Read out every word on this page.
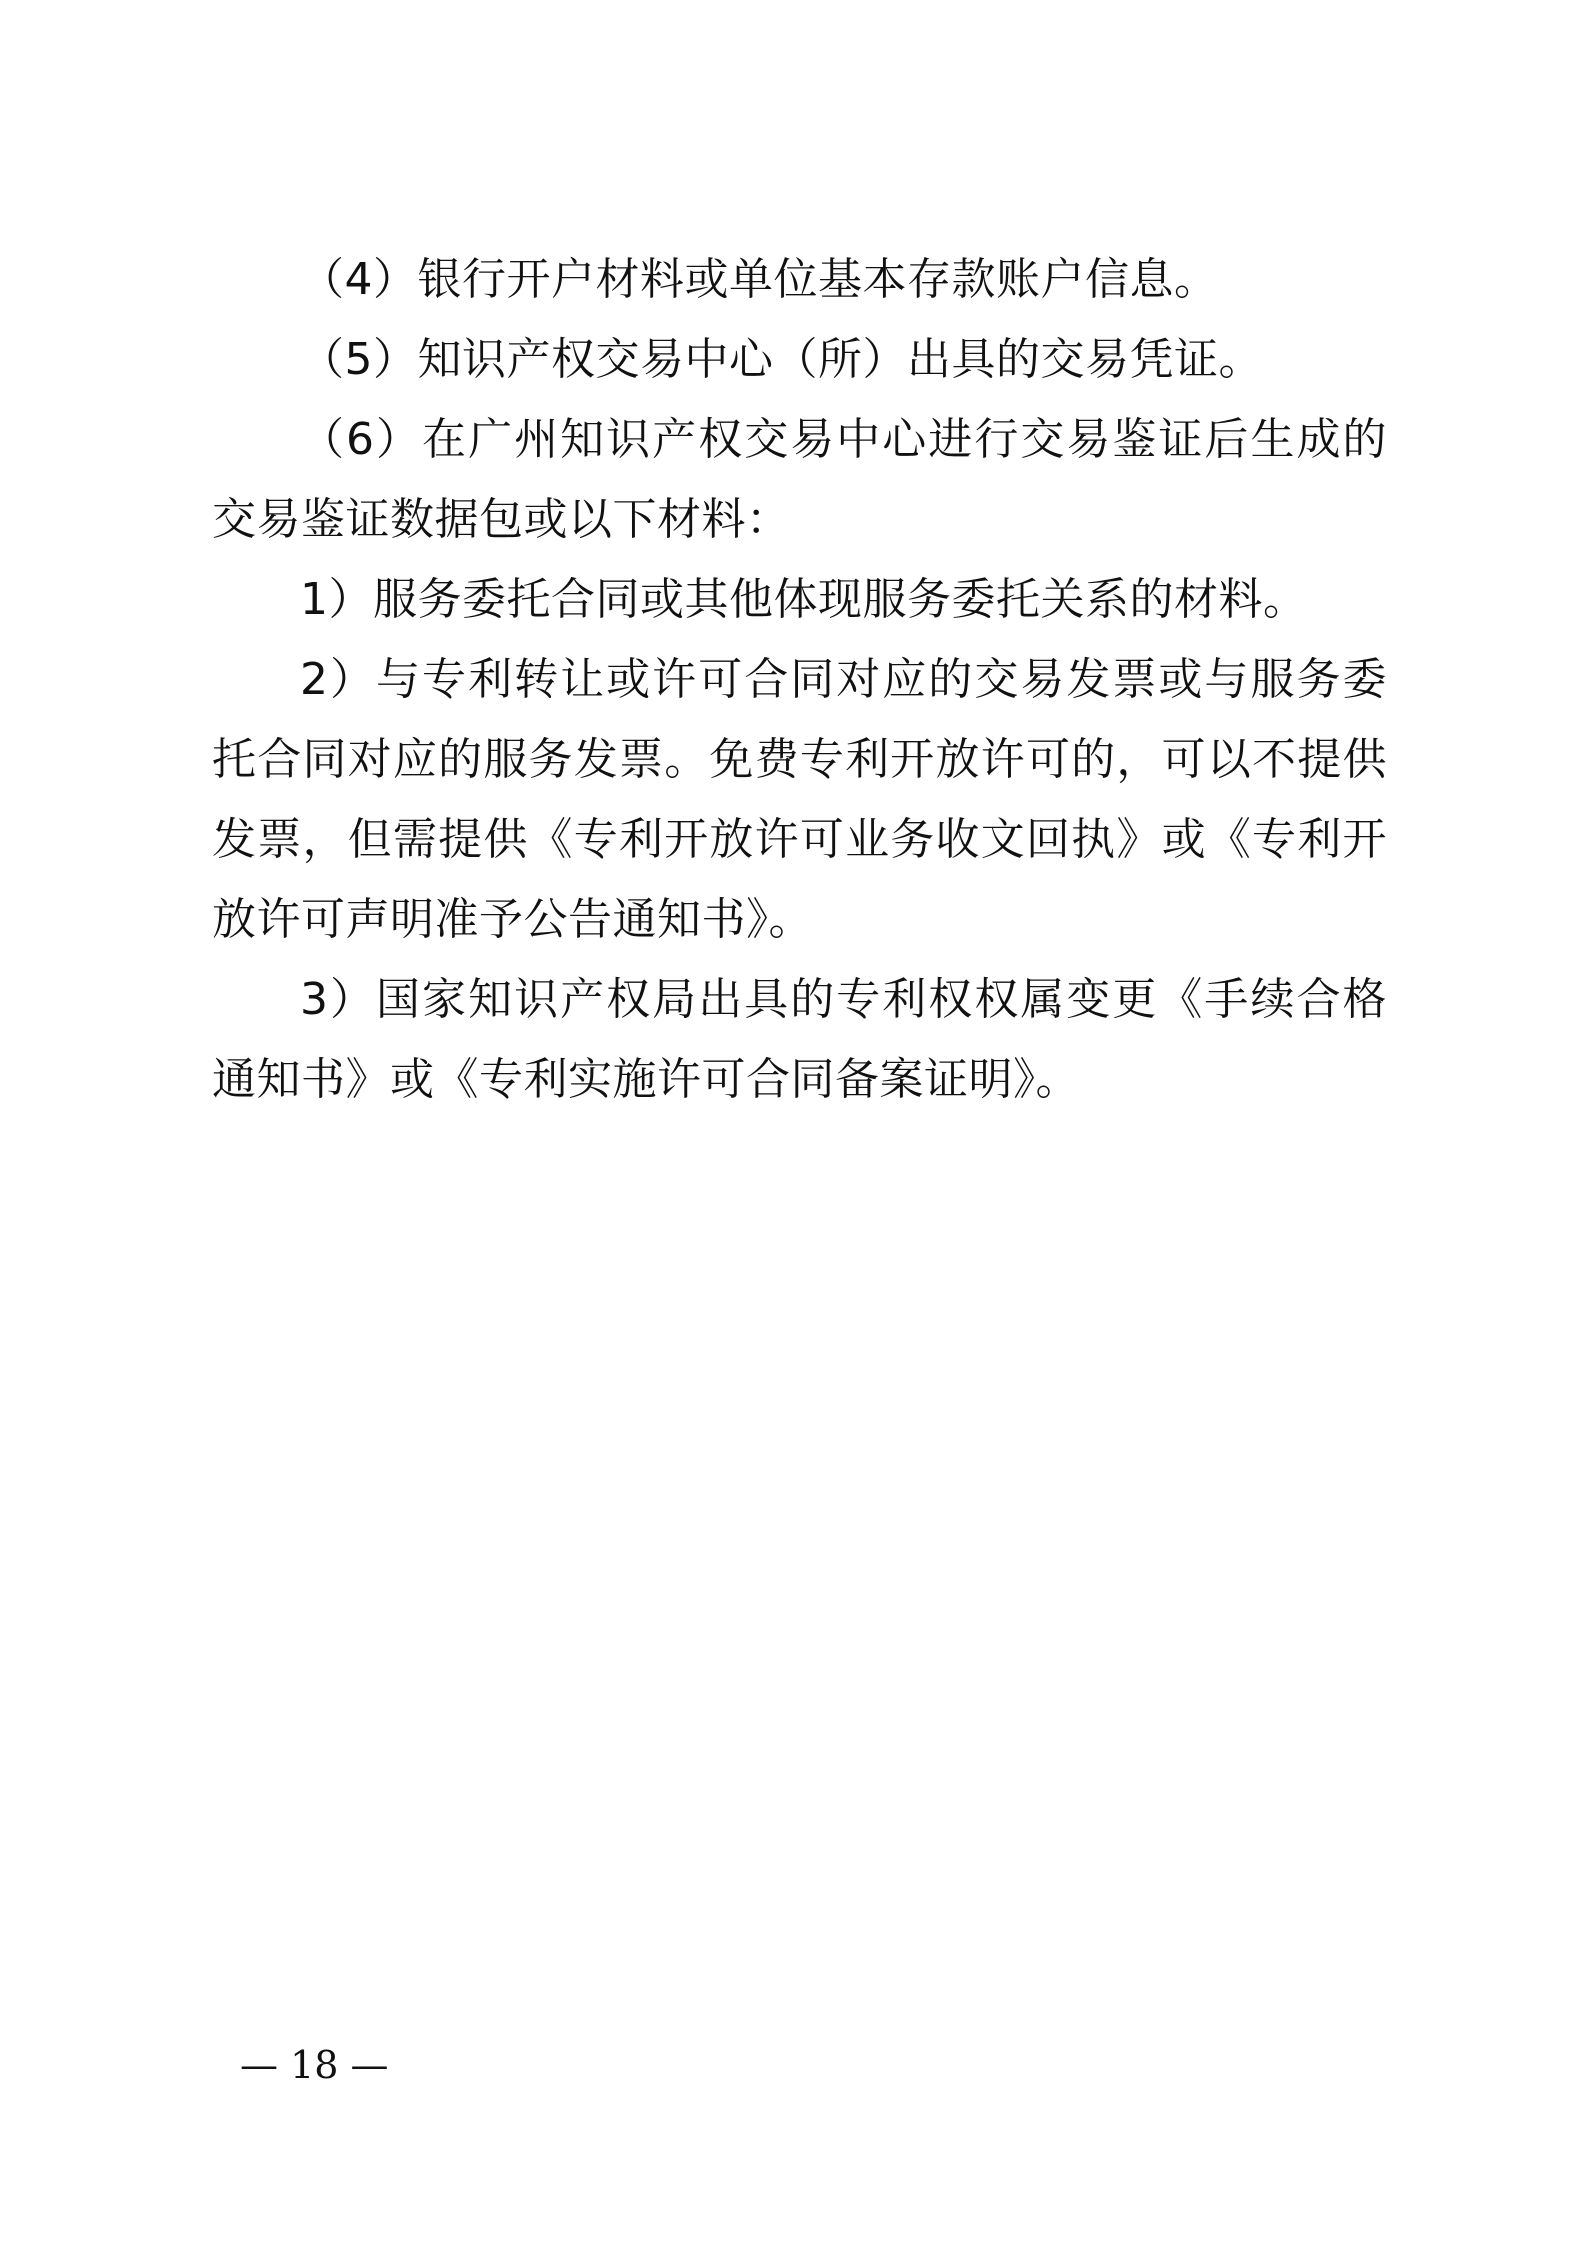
（4）银行开户材料或单位基本存款账户信息。

（5）知识产权交易中心（所）出具的交易凭证。

（6）在广州知识产权交易中心进行交易鉴证后生成的交易鉴证数据包或以下材料：

1）服务委托合同或其他体现服务委托关系的材料。

2）与专利转让或许可合同对应的交易发票或与服务委托合同对应的服务发票。免费专利开放许可的，可以不提供发票，但需提供《专利开放许可业务收文回执》或《专利开放许可声明准予公告通知书》。

3）国家知识产权局出具的专利权权属变更《手续合格通知书》或《专利实施许可合同备案证明》。

— 18 —
